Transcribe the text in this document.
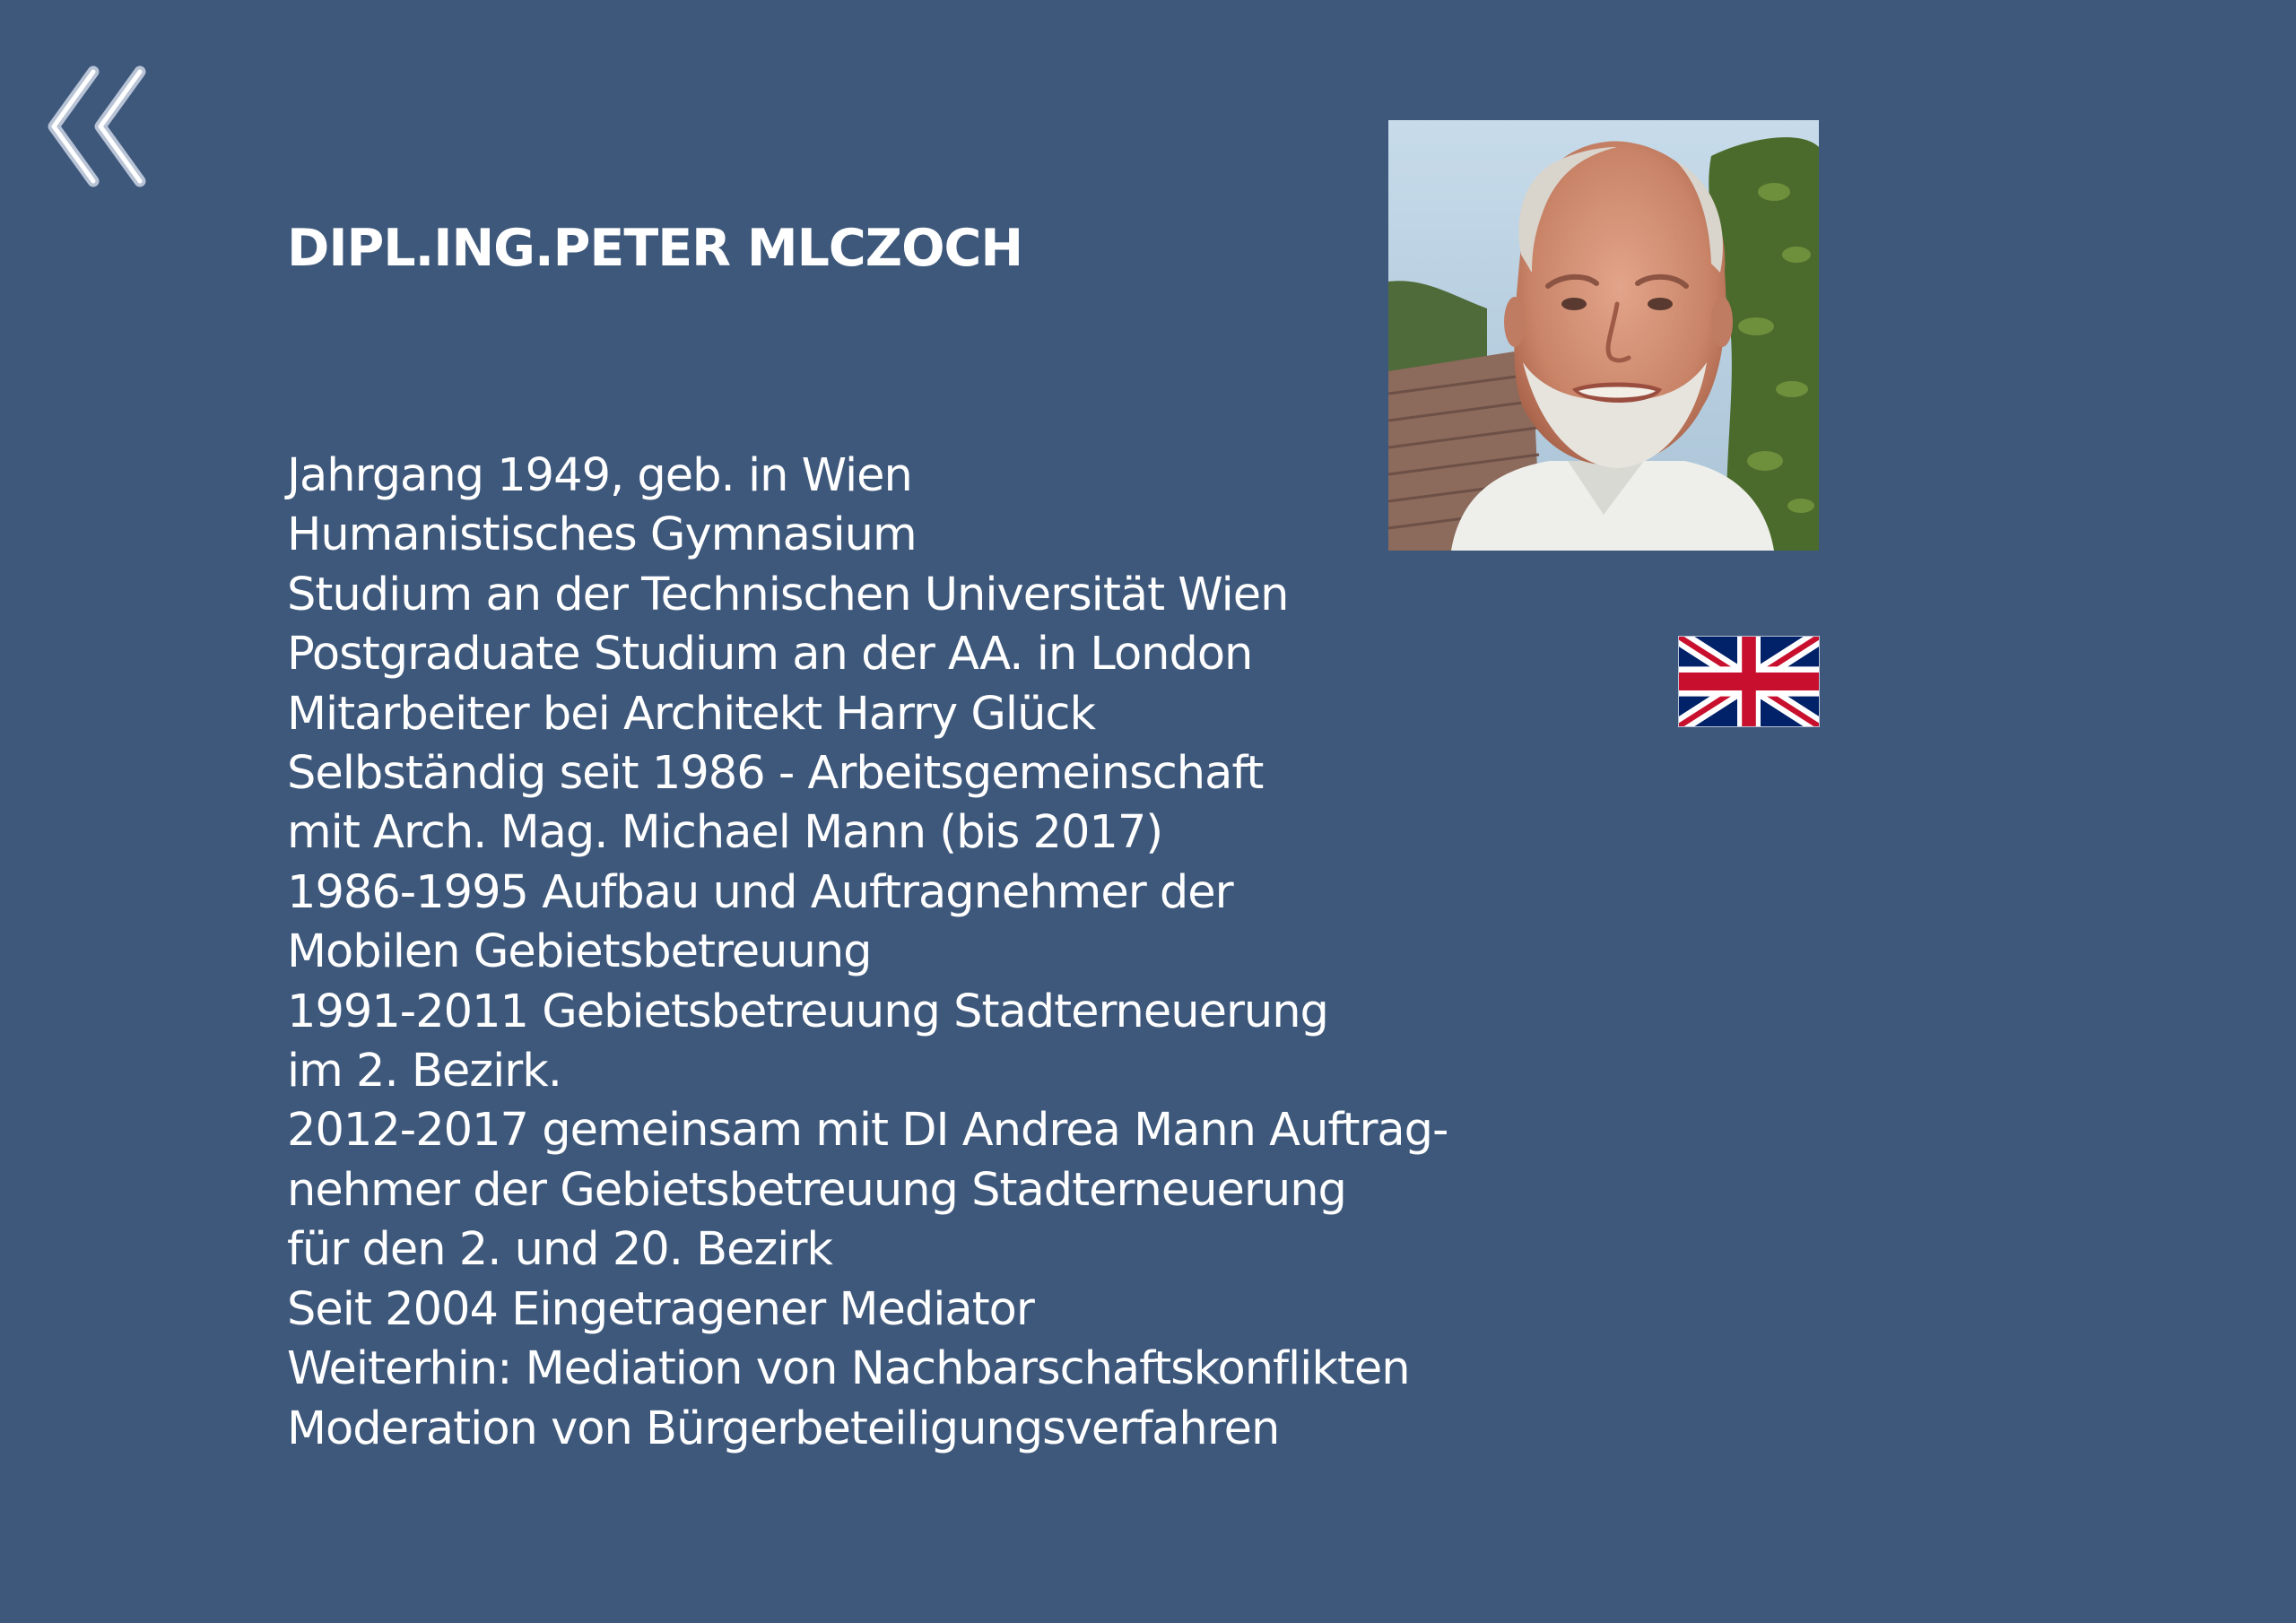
DIPL.ING.PETER MLCZOCH
Jahrgang 1949, geb. in Wien
Humanistisches Gymnasium
Studium an der Technischen Universität Wien
Postgraduate Studium an der AA. in London
Mitarbeiter bei Architekt Harry Glück
Selbständig seit 1986 - Arbeitsgemeinschaft
mit Arch. Mag. Michael Mann (bis 2017)
1986-1995 Aufbau und Auftragnehmer der
Mobilen Gebietsbetreuung
1991-2011 Gebietsbetreuung Stadterneuerung
im 2. Bezirk.
2012-2017 gemeinsam mit DI Andrea Mann Auftrag-
nehmer der Gebietsbetreuung Stadterneuerung
für den 2. und 20. Bezirk
Seit 2004 Eingetragener Mediator
Weiterhin: Mediation von Nachbarschaftskonflikten
Moderation von Bürgerbeteiligungsverfahren
